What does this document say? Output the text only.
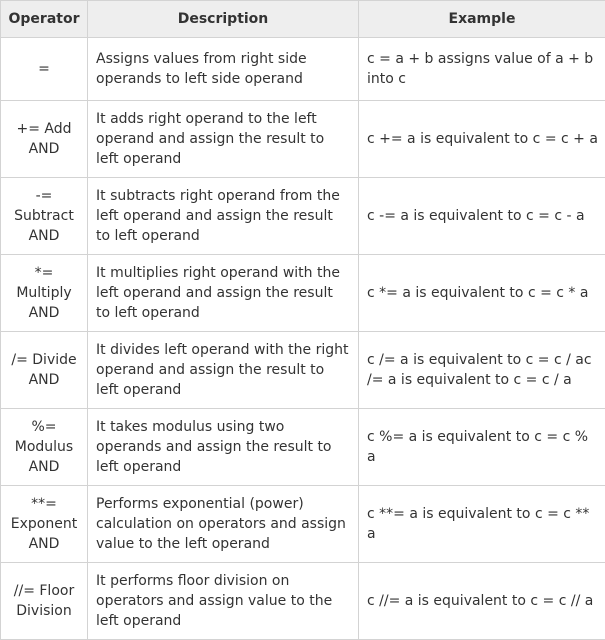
Operator	Description	Example
=	Assigns values from right side operands to left side operand	c = a + b assigns value of a + b into c
+= Add AND	It adds right operand to the left operand and assign the result to left operand	c += a is equivalent to c = c + a
-= Subtract AND	It subtracts right operand from the left operand and assign the result to left operand	c -= a is equivalent to c = c - a
*= Multiply AND	It multiplies right operand with the left operand and assign the result to left operand	c *= a is equivalent to c = c * a
/= Divide AND	It divides left operand with the right operand and assign the result to left operand	c /= a is equivalent to c = c / ac /= a is equivalent to c = c / a
%= Modulus AND	It takes modulus using two operands and assign the result to left operand	c %= a is equivalent to c = c % a
**= Exponent AND	Performs exponential (power) calculation on operators and assign value to the left operand	c **= a is equivalent to c = c ** a
//= Floor Division	It performs floor division on operators and assign value to the left operand	c //= a is equivalent to c = c // a
